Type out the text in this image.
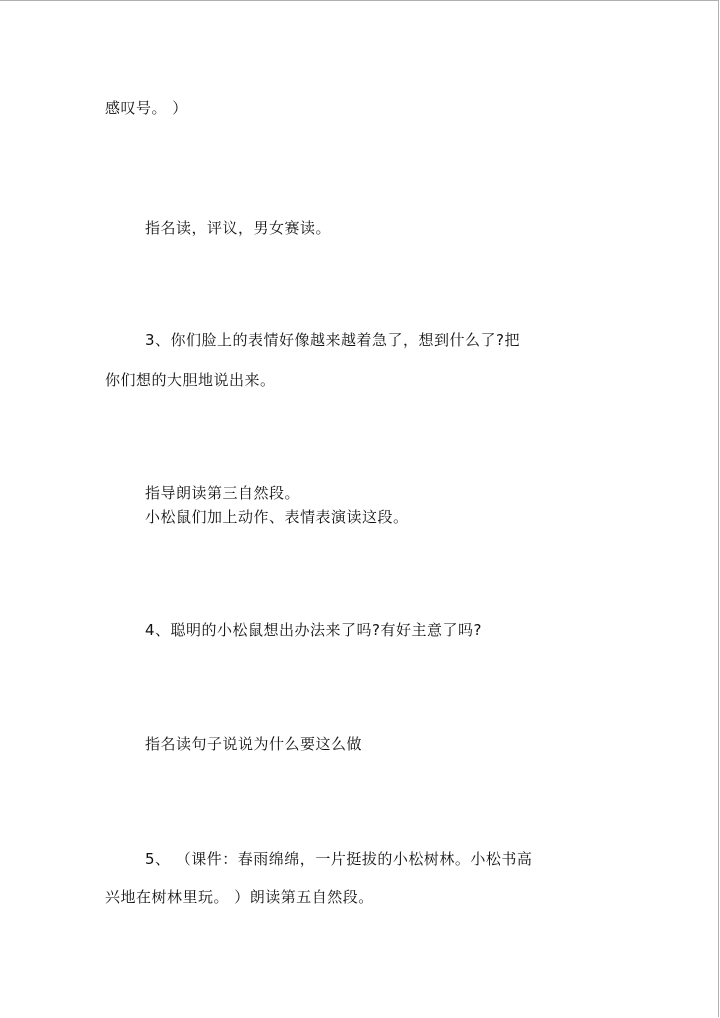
感叹号。 ）
指名读，评议，男女赛读。
3、你们脸上的表情好像越来越着急了，想到什么了?把
你们想的大胆地说出来。
指导朗读第三自然段。
小松鼠们加上动作、表情表演读这段。
4、聪明的小松鼠想出办法来了吗?有好主意了吗?
指名读句子说说为什么要这么做
5、 （课件：春雨绵绵，一片挺拔的小松树林。小松书高
兴地在树林里玩。 ）朗读第五自然段。
